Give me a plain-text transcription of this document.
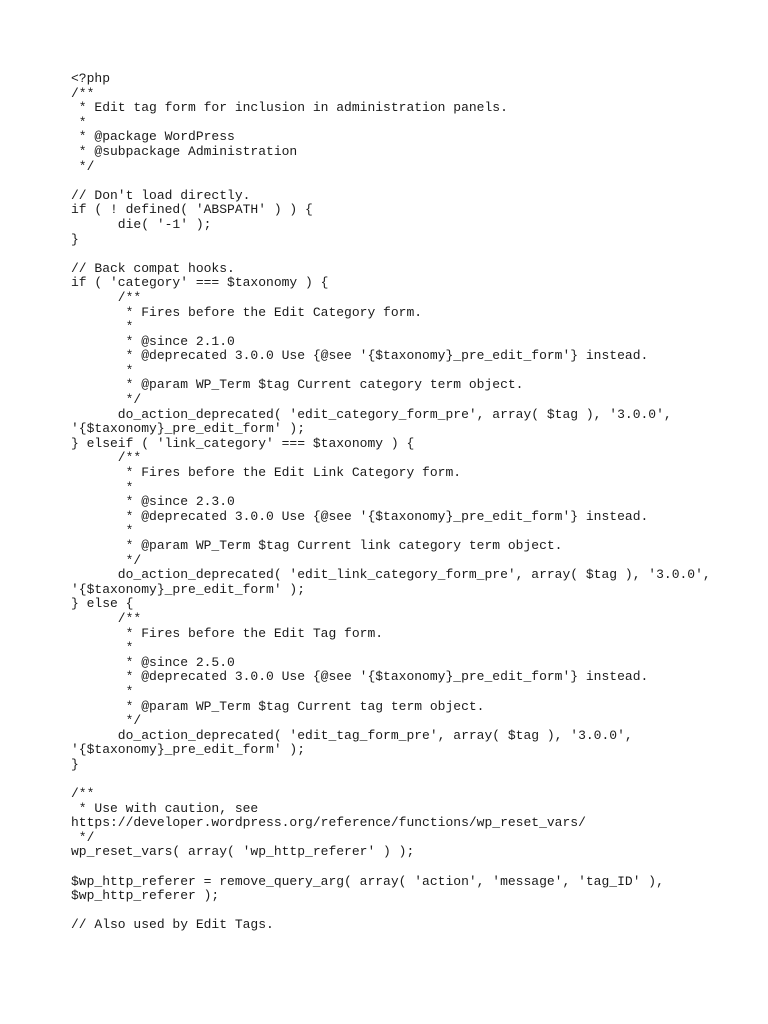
<?php
/**
* Edit tag form for inclusion in administration panels.
*
* @package WordPress
* @subpackage Administration
*/
// Don't load directly.
if ( ! defined( 'ABSPATH' ) ) {
die( '-1' );
}
// Back compat hooks.
if ( 'category' === $taxonomy ) {
/**
* Fires before the Edit Category form.
*
* @since 2.1.0
* @deprecated 3.0.0 Use {@see '{$taxonomy}_pre_edit_form'} instead.
*
* @param WP_Term $tag Current category term object.
*/
do_action_deprecated( 'edit_category_form_pre', array( $tag ), '3.0.0',
'{$taxonomy}_pre_edit_form' );
} elseif ( 'link_category' === $taxonomy ) {
/**
* Fires before the Edit Link Category form.
*
* @since 2.3.0
* @deprecated 3.0.0 Use {@see '{$taxonomy}_pre_edit_form'} instead.
*
* @param WP_Term $tag Current link category term object.
*/
do_action_deprecated( 'edit_link_category_form_pre', array( $tag ), '3.0.0',
'{$taxonomy}_pre_edit_form' );
} else {
/**
* Fires before the Edit Tag form.
*
* @since 2.5.0
* @deprecated 3.0.0 Use {@see '{$taxonomy}_pre_edit_form'} instead.
*
* @param WP_Term $tag Current tag term object.
*/
do_action_deprecated( 'edit_tag_form_pre', array( $tag ), '3.0.0',
'{$taxonomy}_pre_edit_form' );
}
/**
* Use with caution, see
https://developer.wordpress.org/reference/functions/wp_reset_vars/
*/
wp_reset_vars( array( 'wp_http_referer' ) );
$wp_http_referer = remove_query_arg( array( 'action', 'message', 'tag_ID' ),
$wp_http_referer );
// Also used by Edit Tags.
